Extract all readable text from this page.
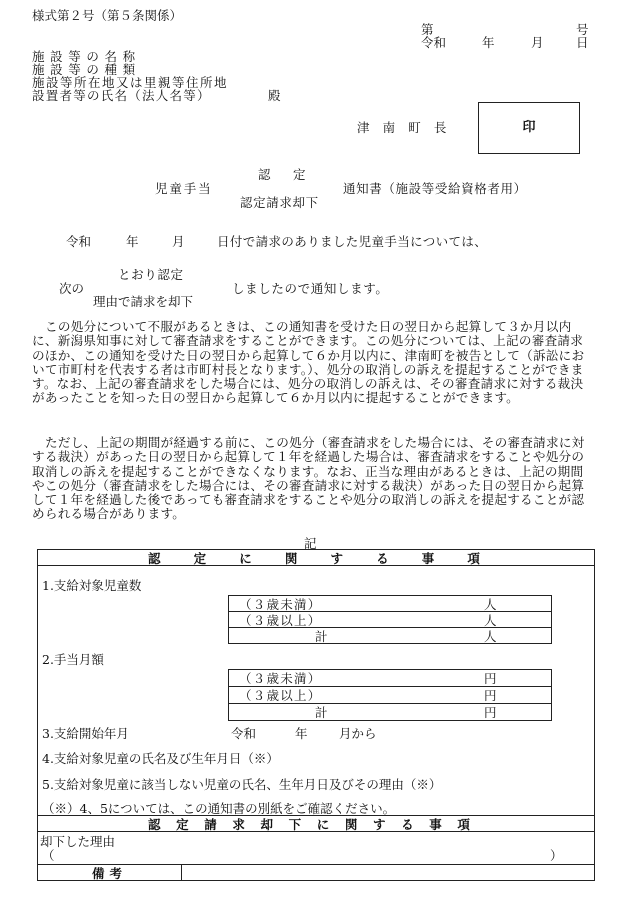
様式第２号（第５条関係）
第	号
令和	年	月	日
施設等の名称
施設等の種類
施設等所在地又は里親等住所地
設置者等の氏名（法人名等）	殿
津南町長	印
認定
児童手当
認定請求却下
通知書（施設等受給資格者用）
令和	年	月	日付で請求のありました児童手当については、
とおり認定
次の	しましたので通知します。
理由で請求を却下
この処分について不服があるときは、この通知書を受けた日の翌日から起算して３か月以内に、新潟県知事に対して審査請求をすることができます。この処分については、上記の審査請求のほか、この通知を受けた日の翌日から起算して６か月以内に、津南町を被告として（訴訟において市町村を代表する者は市町村長となります。）、処分の取消しの訴えを提起することができます。なお、上記の審査請求をした場合には、処分の取消しの訴えは、その審査請求に対する裁決があったことを知った日の翌日から起算して６か月以内に提起することができます。
ただし、上記の期間が経過する前に、この処分（審査請求をした場合には、その審査請求に対する裁決）があった日の翌日から起算して１年を経過した場合は、審査請求をすることや処分の取消しの訴えを提起することができなくなります。なお、正当な理由があるときは、上記の期間やこの処分（審査請求をした場合には、その審査請求に対する裁決）があった日の翌日から起算して１年を経過した後であっても審査請求をすることや処分の取消しの訴えを提起することが認められる場合があります。
記
認定に関する事項
1.支給対象児童数
（３歳未満）	人
（３歳以上）	人
計	人
2.手当月額
（３歳未満）	円
（３歳以上）	円
計	円
3.支給開始年月	令和	年	月から
4.支給対象児童の氏名及び生年月日（※）
5.支給対象児童に該当しない児童の氏名、生年月日及びその理由（※）
（※）4、5については、この通知書の別紙をご確認ください。
認定請求却下に関する事項
却下した理由
（	）
備考
